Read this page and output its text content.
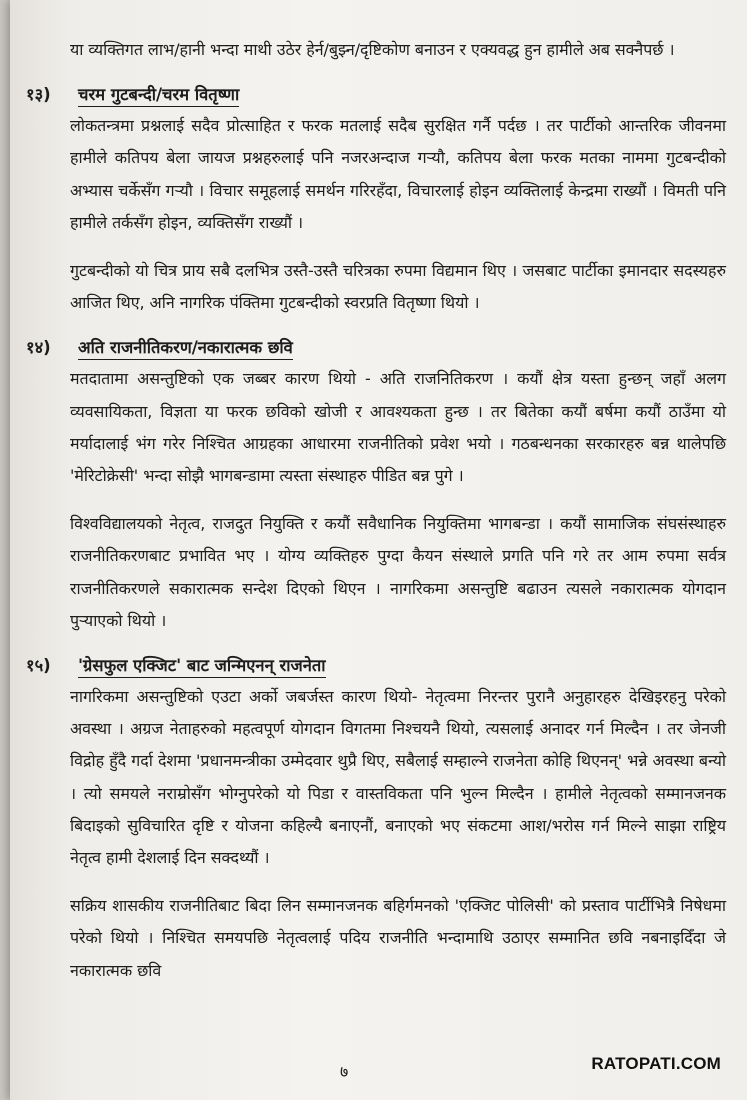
या व्यक्तिगत लाभ/हानी भन्दा माथी उठेर हेर्न/बुझ्न/दृष्टिकोण बनाउन र एक्यवद्ध हुन हामीले अब सक्नैपर्छ ।

१३)	चरम गुटबन्दी/चरम वितृष्णा

लोकतन्त्रमा प्रश्नलाई सदैव प्रोत्साहित र फरक मतलाई सदैब सुरक्षित गर्नै पर्दछ । तर पार्टीको आन्तरिक जीवनमा हामीले कतिपय बेला जायज प्रश्नहरुलाई पनि नजरअन्दाज गऱ्यौ, कतिपय बेला फरक मतका नाममा गुटबन्दीको अभ्यास चर्केसँग गऱ्यौ । विचार समूहलाई समर्थन गरिरहँदा, विचारलाई होइन व्यक्तिलाई केन्द्रमा राख्यौं । विमती पनि हामीले तर्कसँग होइन, व्यक्तिसँग राख्यौं ।

गुटबन्दीको यो चित्र प्राय सबै दलभित्र उस्तै-उस्तै चरित्रका रुपमा विद्यमान थिए । जसबाट पार्टीका इमानदार सदस्यहरु आजित थिए, अनि नागरिक पंक्तिमा गुटबन्दीको स्वरप्रति वितृष्णा थियो ।

१४)	अति राजनीतिकरण/नकारात्मक छवि

मतदातामा असन्तुष्टिको एक जब्बर कारण थियो - अति राजनितिकरण । कयौं क्षेत्र यस्ता हुन्छन् जहाँ अलग व्यवसायिकता, विज्ञता या फरक छविको खोजी र आवश्यकता हुन्छ । तर बितेका कयौं बर्षमा कयौं ठाउँमा यो मर्यादालाई भंग गरेर निश्चित आग्रहका आधारमा राजनीतिको प्रवेश भयो । गठबन्धनका सरकारहरु बन्न थालेपछि 'मेरिटोक्रेसी' भन्दा सोझै भागबन्डामा त्यस्ता संस्थाहरु पीडित बन्न पुगे ।

विश्वविद्यालयको नेतृत्व, राजदुत नियुक्ति र कयौं सवैधानिक नियुक्तिमा भागबन्डा । कयौं सामाजिक संघसंस्थाहरु राजनीतिकरणबाट प्रभावित भए । योग्य व्यक्तिहरु पुग्दा कैयन संस्थाले प्रगति पनि गरे तर आम रुपमा सर्वत्र राजनीतिकरणले सकारात्मक सन्देश दिएको थिएन । नागरिकमा असन्तुष्टि बढाउन त्यसले नकारात्मक योगदान पुऱ्याएको थियो ।

१५)	'ग्रेसफुल एक्जिट' बाट जन्मिएनन् राजनेता

नागरिकमा असन्तुष्टिको एउटा अर्को जबर्जस्त कारण थियो- नेतृत्वमा निरन्तर पुरानै अनुहारहरु देखिइरहनु परेको अवस्था । अग्रज नेताहरुको महत्वपूर्ण योगदान विगतमा निश्चयनै थियो, त्यसलाई अनादर गर्न मिल्दैन । तर जेनजी विद्रोह हुँदै गर्दा देशमा 'प्रधानमन्त्रीका उम्मेदवार थुप्रै थिए, सबैलाई सम्हाल्ने राजनेता कोहि थिएनन्' भन्ने अवस्था बन्यो । त्यो समयले नराम्रोसँग भोग्नुपरेको यो पिडा र वास्तविकता पनि भुल्न मिल्दैन । हामीले नेतृत्वको सम्मानजनक बिदाइको सुविचारित दृष्टि र योजना कहिल्यै बनाएनौं, बनाएको भए संकटमा आश/भरोस गर्न मिल्ने साझा राष्ट्रिय नेतृत्व हामी देशलाई दिन सक्दथ्यौं ।

सक्रिय शासकीय राजनीतिबाट बिदा लिन सम्मानजनक बहिर्गमनको 'एक्जिट पोलिसी' को प्रस्ताव पार्टीभित्रै निषेधमा परेको थियो । निश्चित समयपछि नेतृत्वलाई पदिय राजनीति भन्दामाथि उठाएर सम्मानित छवि नबनाइदिँदा जे नकारात्मक छवि

७	RATOPATI.COM
